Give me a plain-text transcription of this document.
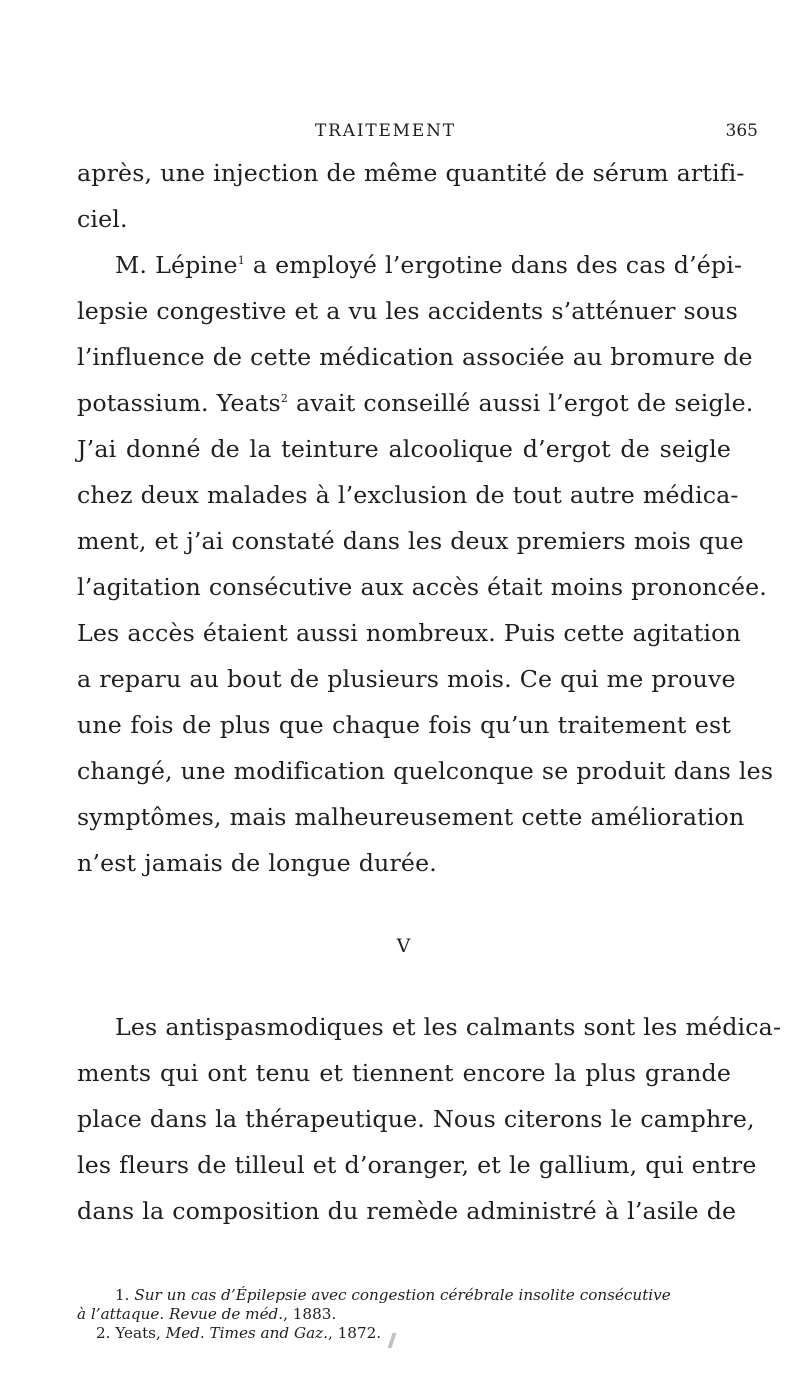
TRAITEMENT	365
après, une injection de même quantité de sérum artifi-
ciel.
M. Lépine$^1$ a employé l’ergotine dans des cas d’épi-
lepsie congestive et a vu les accidents s’atténuer sous
l’influence de cette médication associée au bromure de
potassium. Yeats$^2$ avait conseillé aussi l’ergot de seigle.
J’ai donné de la teinture alcoolique d’ergot de seigle
chez deux malades à l’exclusion de tout autre médica-
ment, et j’ai constaté dans les deux premiers mois que
l’agitation consécutive aux accès était moins prononcée.
Les accès étaient aussi nombreux. Puis cette agitation
a reparu au bout de plusieurs mois. Ce qui me prouve
une fois de plus que chaque fois qu’un traitement est
changé, une modification quelconque se produit dans les
symptômes, mais malheureusement cette amélioration
n’est jamais de longue durée.
V
Les antispasmodiques et les calmants sont les médica-
ments qui ont tenu et tiennent encore la plus grande
place dans la thérapeutique. Nous citerons le camphre,
les fleurs de tilleul et d’oranger, et le gallium, qui entre
dans la composition du remède administré à l’asile de
1. Sur un cas d’Épilepsie avec congestion cérébrale insolite consécutive
à l’attaque. Revue de méd., 1883.
2. Yeats, Med. Times and Gaz., 1872.
